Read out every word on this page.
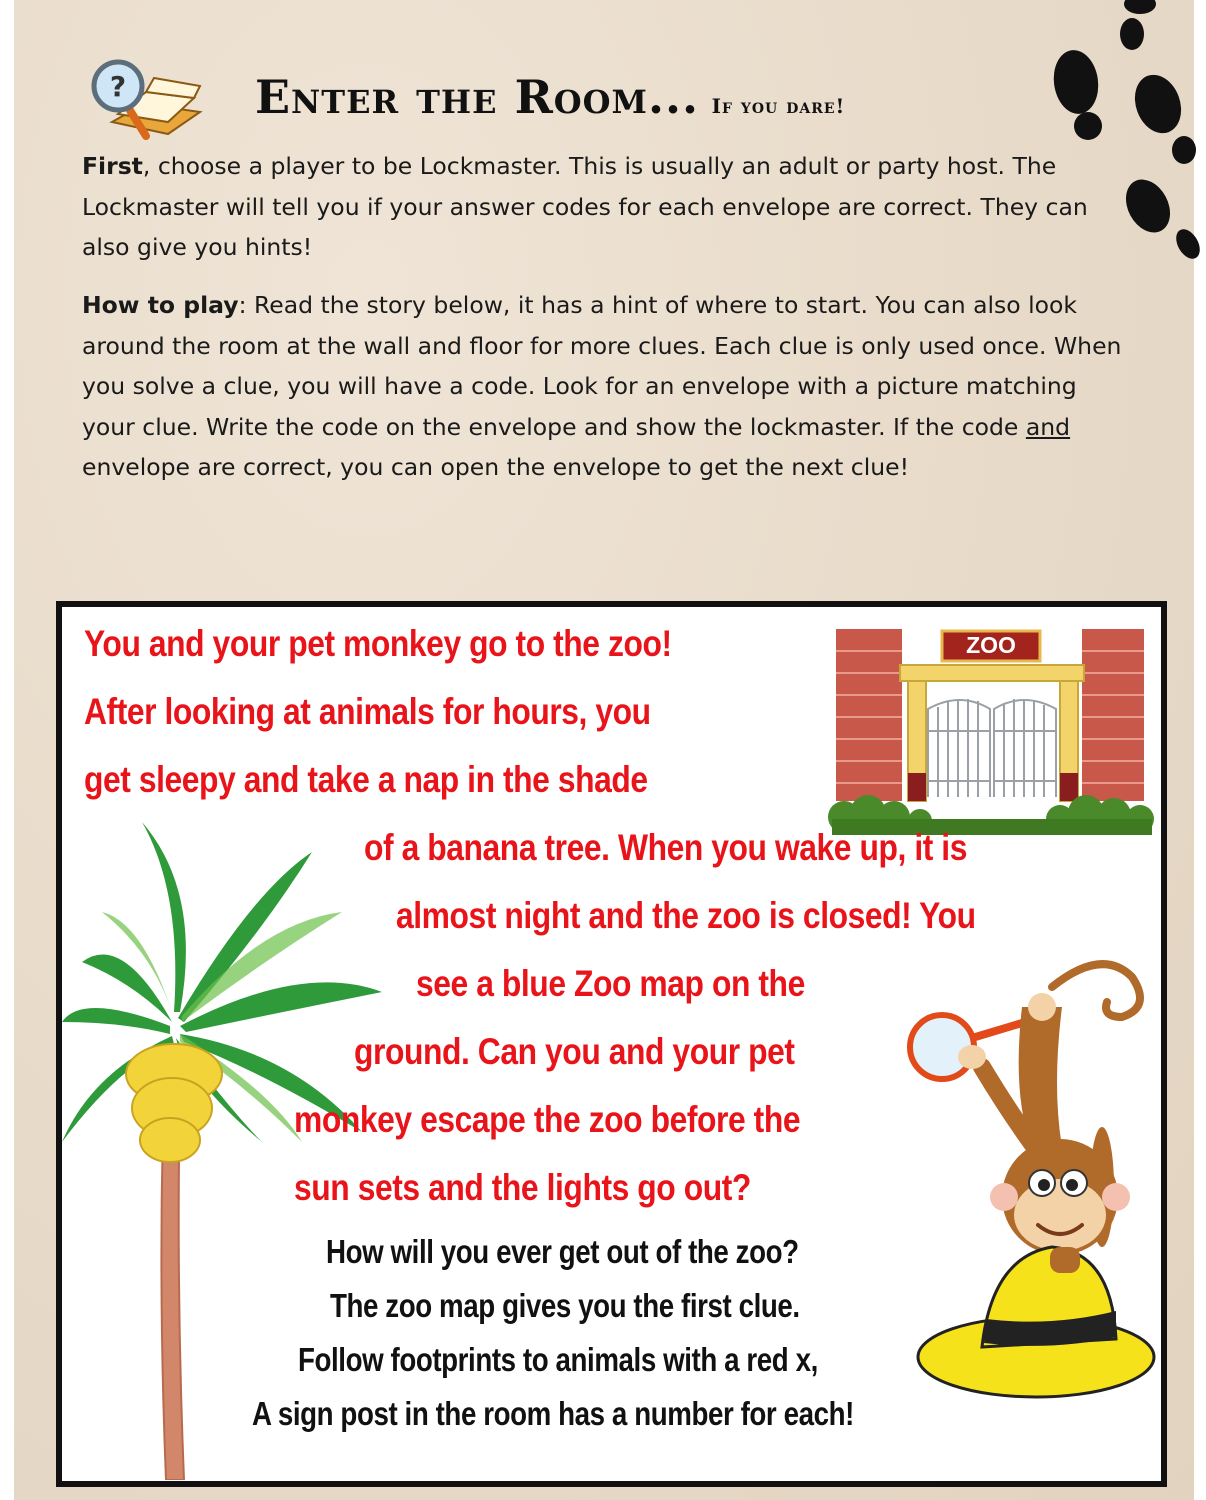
?	Enter the Room... If you dare!

First, choose a player to be Lockmaster. This is usually an adult or party host. The Lockmaster will tell you if your answer codes for each envelope are correct. They can also give you hints!

How to play: Read the story below, it has a hint of where to start. You can also look around the room at the wall and floor for more clues. Each clue is only used once. When you solve a clue, you will have a code. Look for an envelope with a picture matching your clue. Write the code on the envelope and show the lockmaster. If the code and envelope are correct, you can open the envelope to get the next clue!

ZOO
You and your pet monkey go to the zoo!
After looking at animals for hours, you
get sleepy and take a nap in the shade
of a banana tree. When you wake up, it is
almost night and the zoo is closed! You
see a blue Zoo map on the
ground. Can you and your pet
monkey escape the zoo before the
sun sets and the lights go out?
How will you ever get out of the zoo?
The zoo map gives you the first clue.
Follow footprints to animals with a red x,
A sign post in the room has a number for each!
